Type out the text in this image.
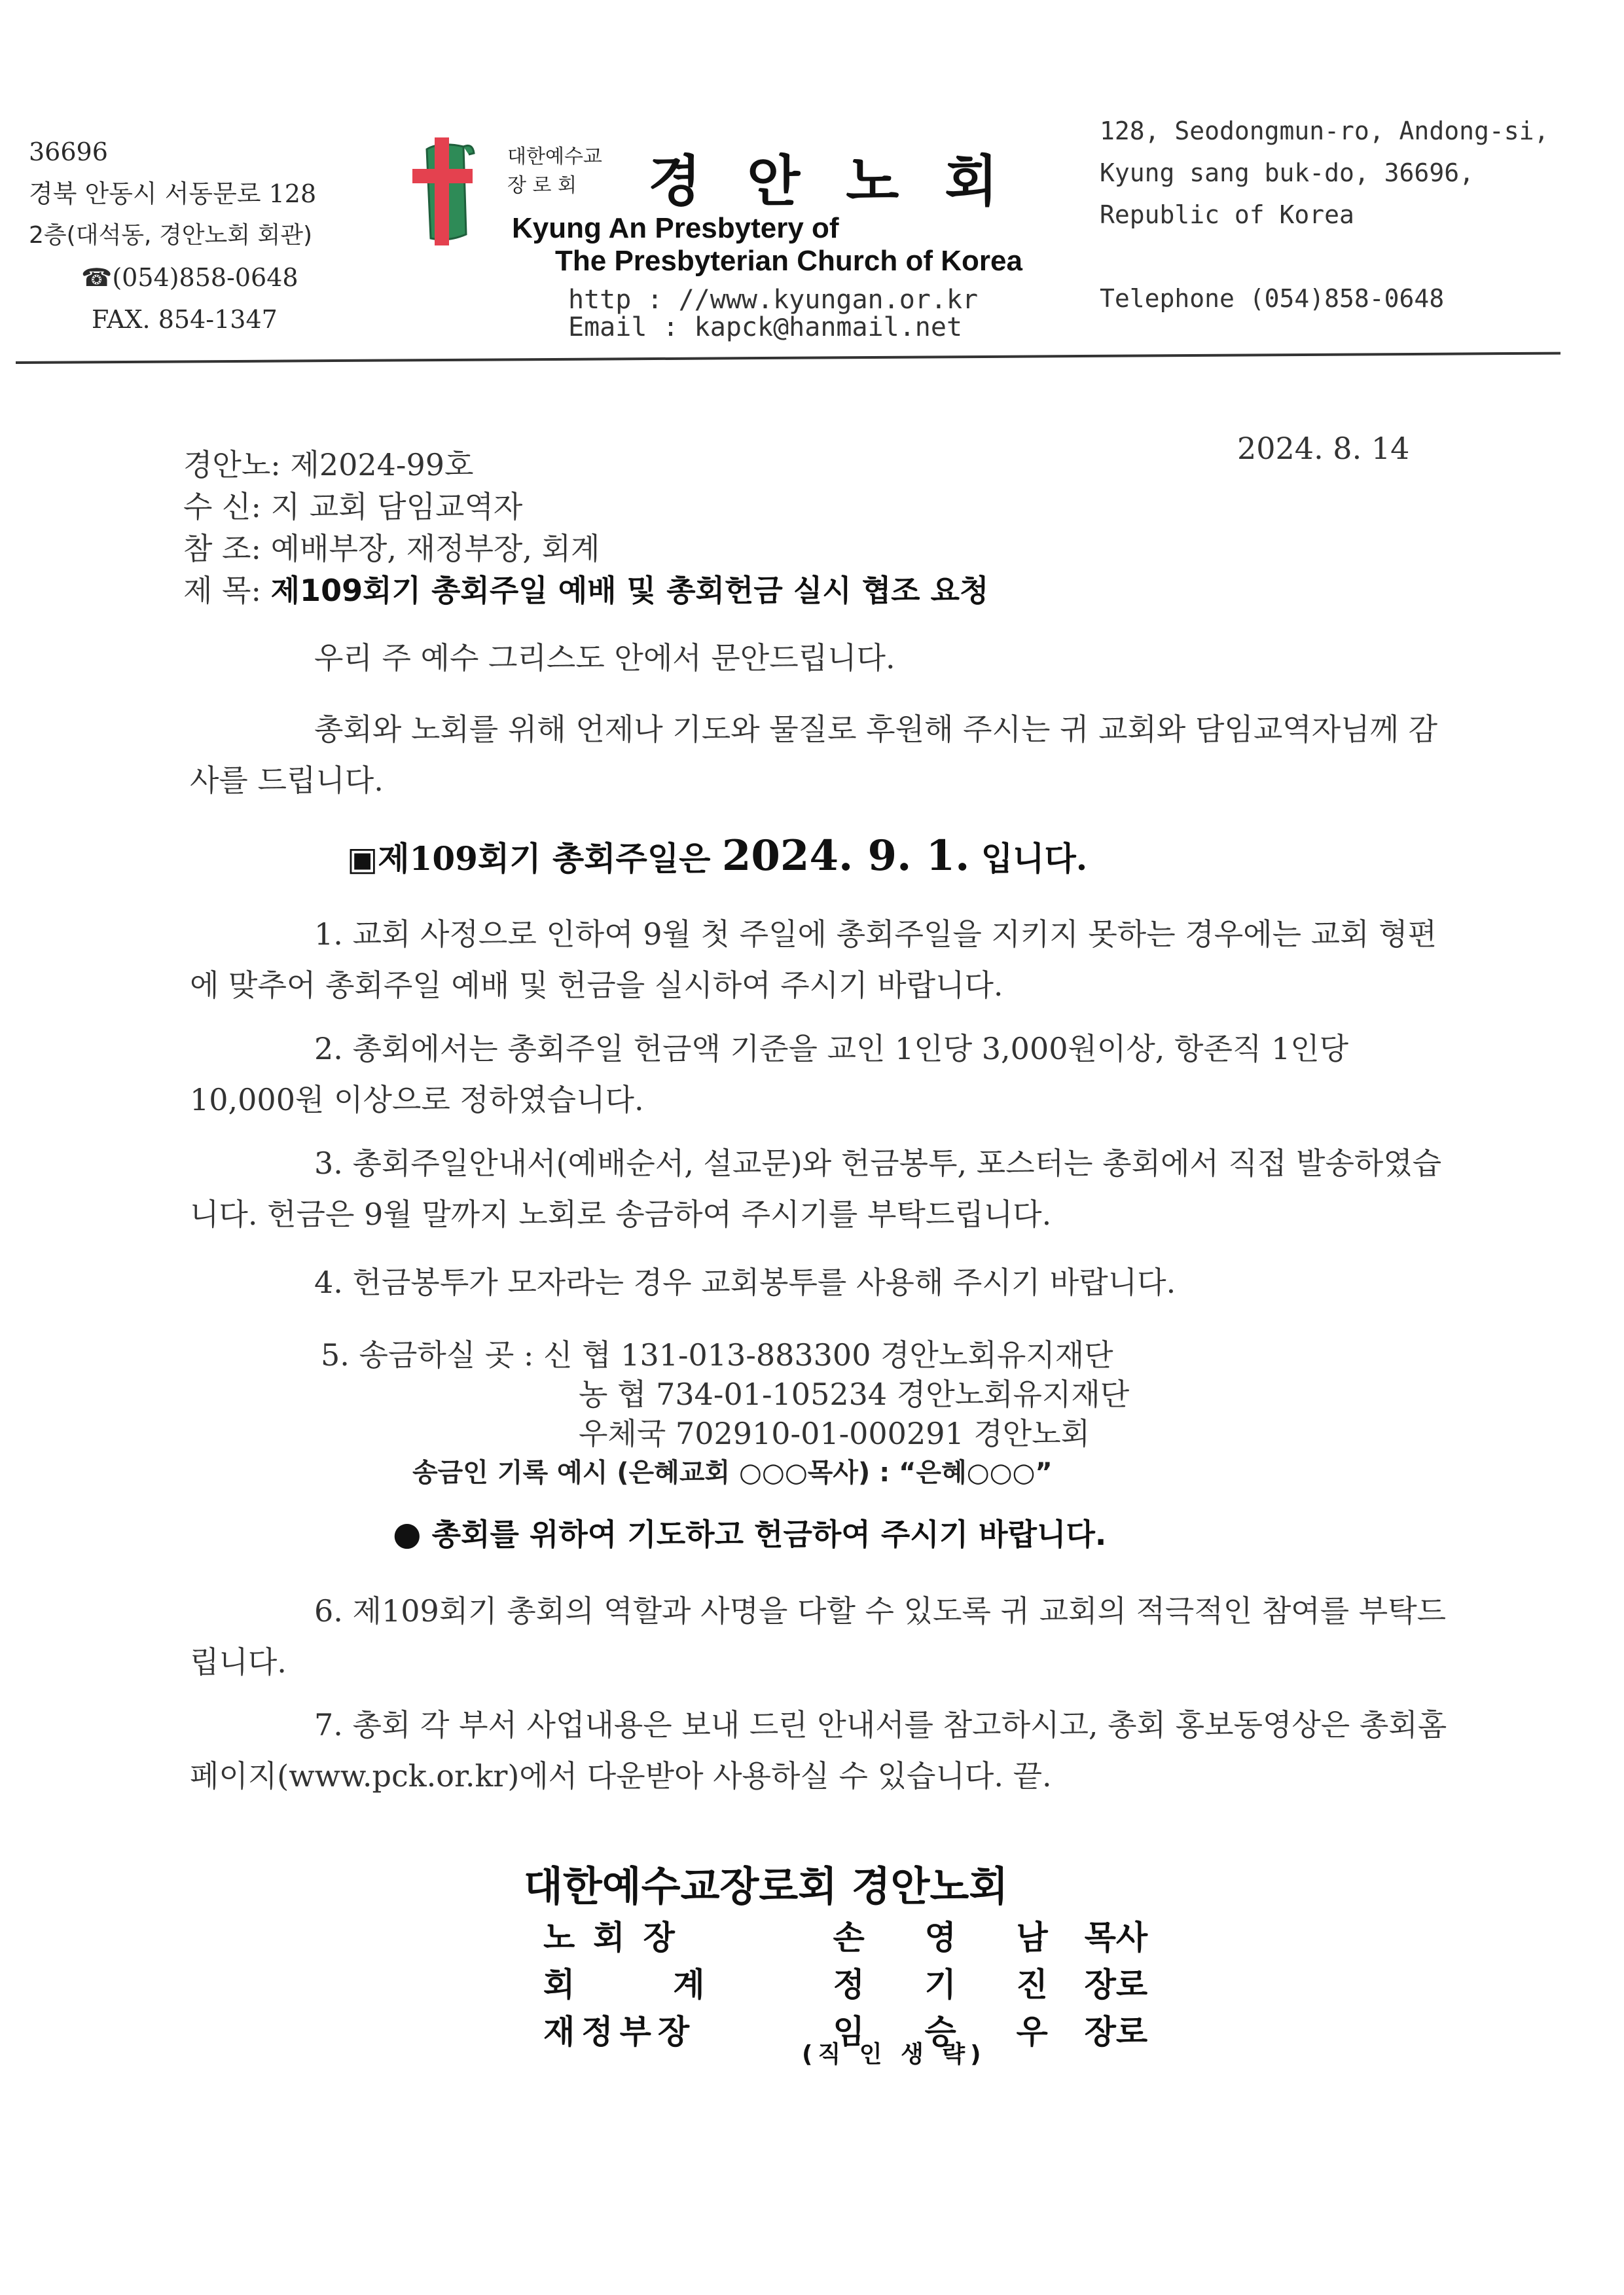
36696
경북 안동시 서동문로 128
2층(대석동, 경안노회 회관)
☎(054)858-0648
FAX. 854-1347
대한예수교
장 로 회	경안노회
Kyung An Presbytery of
The Presbyterian Church of Korea
http : //www.kyungan.or.kr
Email : kapck@hanmail.net
128, Seodongmun-ro, Andong-si,
Kyung sang buk-do, 36696,
Republic of Korea
Telephone (054)858-0648
경안노: 제2024-99호
수 신: 지 교회 담임교역자
참 조: 예배부장, 재정부장, 회계
제 목: 제109회기 총회주일 예배 및 총회헌금 실시 협조 요청
2024. 8. 14
우리 주 예수 그리스도 안에서 문안드립니다.
총회와 노회를 위해 언제나 기도와 물질로 후원해 주시는 귀 교회와 담임교역자님께 감사를 드립니다.
▣제109회기 총회주일은 2024. 9. 1. 입니다.
1. 교회 사정으로 인하여 9월 첫 주일에 총회주일을 지키지 못하는 경우에는 교회 형편에 맞추어 총회주일 예배 및 헌금을 실시하여 주시기 바랍니다.
2. 총회에서는 총회주일 헌금액 기준을 교인 1인당 3,000원이상, 항존직 1인당 10,000원 이상으로 정하였습니다.
3. 총회주일안내서(예배순서, 설교문)와 헌금봉투, 포스터는 총회에서 직접 발송하였습니다. 헌금은 9월 말까지 노회로 송금하여 주시기를 부탁드립니다.
4. 헌금봉투가 모자라는 경우 교회봉투를 사용해 주시기 바랍니다.
5. 송금하실 곳 : 신 협 131-013-883300 경안노회유지재단
농 협 734-01-105234 경안노회유지재단
우체국 702910-01-000291 경안노회
송금인 기록 예시 (은혜교회 ○○○목사) : “은혜○○○”
● 총회를 위하여 기도하고 헌금하여 주시기 바랍니다.
6. 제109회기 총회의 역할과 사명을 다할 수 있도록 귀 교회의 적극적인 참여를 부탁드립니다.
7. 총회 각 부서 사업내용은 보내 드린 안내서를 참고하시고, 총회 홍보동영상은 총회홈페이지(www.pck.or.kr)에서 다운받아 사용하실 수 있습니다. 끝.
대한예수교장로회 경안노회
노회장	손	영	남	목사
회계	정	기	진	장로
재정부장	임	승	우	장로
(직 인 생 략)
